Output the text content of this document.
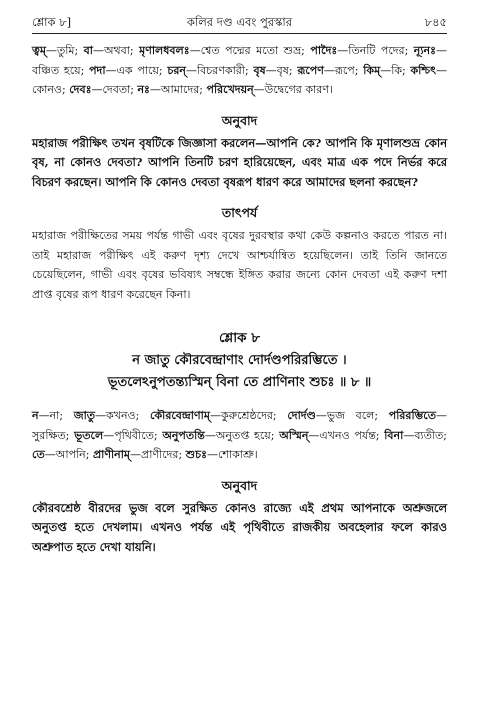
শ্লোক ৮]	কলির দণ্ড এবং পুরস্কার	৮৪৫

ত্বম্—তুমি; বা—অথবা; মৃণালধবলঃ—শ্বেত পদ্মের মতো শুভ্র; পাদৈঃ—তিনটি পদের; ন্যূনঃ—বঞ্চিত হয়ে; পদা—এক পায়ে; চরন্—বিচরণকারী; বৃষ—বৃষ; রূপেণ—রূপে; কিম্—কি; কশ্চিৎ—কোনও; দেবঃ—দেবতা; নঃ—আমাদের; পরিখেদয়ন্—উদ্বেগের কারণ।

অনুবাদ

মহারাজ পরীক্ষিৎ তখন বৃষটিকে জিজ্ঞাসা করলেন—আপনি কে? আপনি কি মৃণালশুভ্র কোন বৃষ, না কোনও দেবতা? আপনি তিনটি চরণ হারিয়েছেন, এবং মাত্র এক পদে নির্ভর করে বিচরণ করছেন। আপনি কি কোনও দেবতা বৃষরূপ ধারণ করে আমাদের ছলনা করছেন?

তাৎপর্য

মহারাজ পরীক্ষিতের সময় পর্যন্ত গাভী এবং বৃষের দুরবস্থার কথা কেউ কল্পনাও করতে পারত না। তাই মহারাজ পরীক্ষিৎ এই করুণ দৃশ্য দেখে আশ্চর্যান্বিত হয়েছিলেন। তাই তিনি জানতে চেয়েছিলেন, গাভী এবং বৃষের ভবিষ্যৎ সম্বন্ধে ইঙ্গিত করার জন্যে কোন দেবতা এই করুণ দশা প্রাপ্ত বৃষের রূপ ধারণ করেছেন কিনা।

শ্লোক ৮
ন জাতু কৌরবেন্দ্রাণাং দোর্দণ্ডপরিরম্ভিতে ।
ভূতলেঽনুপতন্ত্যস্মিন্ বিনা তে প্রাণিনাং শুচঃ ॥ ৮ ॥

ন—না; জাতু—কখনও; কৌরবেন্দ্রাণাম্—কুরুশ্রেষ্ঠদের; দোর্দণ্ড—ভুজ বলে; পরিরম্ভিতে—সুরক্ষিত; ভূতলে—পৃথিবীতে; অনুপতন্তি—অনুতপ্ত হয়ে; অস্মিন্—এখনও পর্যন্ত; বিনা—ব্যতীত; তে—আপনি; প্রাণীনাম্—প্রাণীদের; শুচঃ—শোকাশ্রু।

অনুবাদ

কৌরবশ্রেষ্ঠ বীরদের ভুজ বলে সুরক্ষিত কোনও রাজ্যে এই প্রথম আপনাকে অশ্রুজলে অনুতপ্ত হতে দেখলাম। এখনও পর্যন্ত এই পৃথিবীতে রাজকীয় অবহেলার ফলে কারও অশ্রুপাত হতে দেখা যায়নি।
